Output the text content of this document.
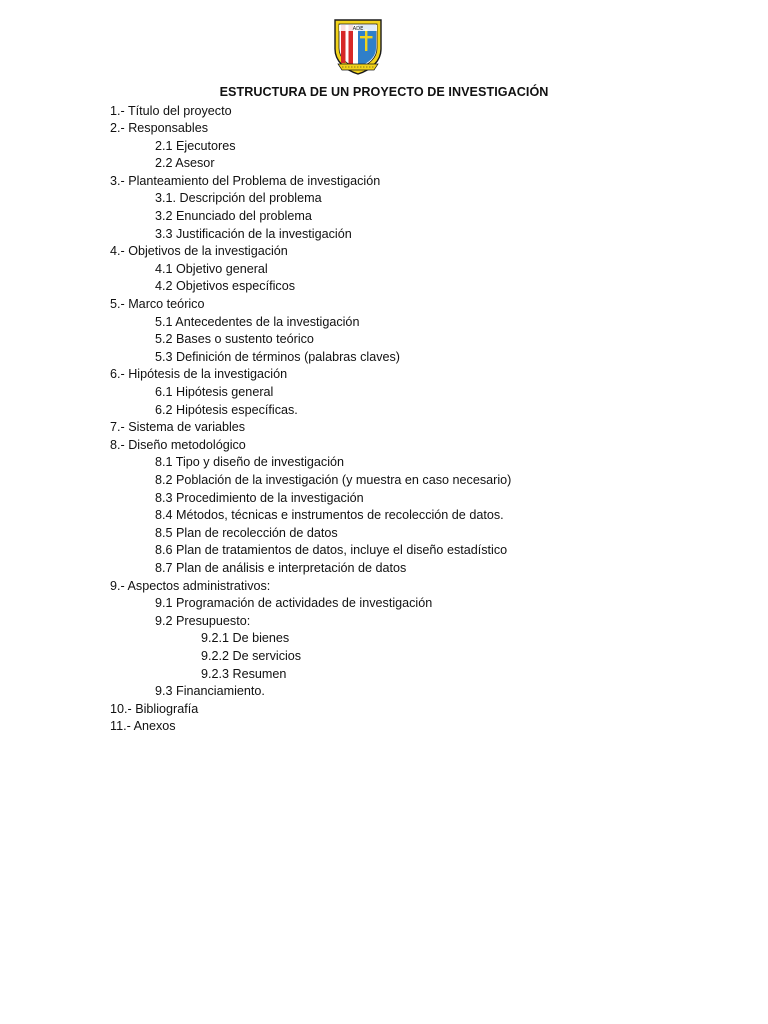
ADE
ESTRUCTURA DE UN PROYECTO DE INVESTIGACIÓN
1.- Título del proyecto
2.- Responsables
2.1 Ejecutores
2.2 Asesor
3.- Planteamiento del Problema de investigación
3.1. Descripción del problema
3.2 Enunciado del problema
3.3 Justificación de la investigación
4.- Objetivos de la investigación
4.1 Objetivo general
4.2 Objetivos específicos
5.- Marco teórico
5.1 Antecedentes de la investigación
5.2 Bases o sustento teórico
5.3 Definición de términos (palabras claves)
6.- Hipótesis de la investigación
6.1 Hipótesis general
6.2 Hipótesis específicas.
7.- Sistema de variables
8.- Diseño metodológico
8.1 Tipo y diseño de investigación
8.2 Población de la investigación (y muestra en caso necesario)
8.3 Procedimiento de la investigación
8.4 Métodos, técnicas e instrumentos de recolección de datos.
8.5 Plan de recolección de datos
8.6 Plan de tratamientos de datos, incluye el diseño estadístico
8.7 Plan de análisis e interpretación de datos
9.- Aspectos administrativos:
9.1 Programación de actividades de investigación
9.2 Presupuesto:
9.2.1 De bienes
9.2.2 De servicios
9.2.3 Resumen
9.3 Financiamiento.
10.- Bibliografía
11.- Anexos
